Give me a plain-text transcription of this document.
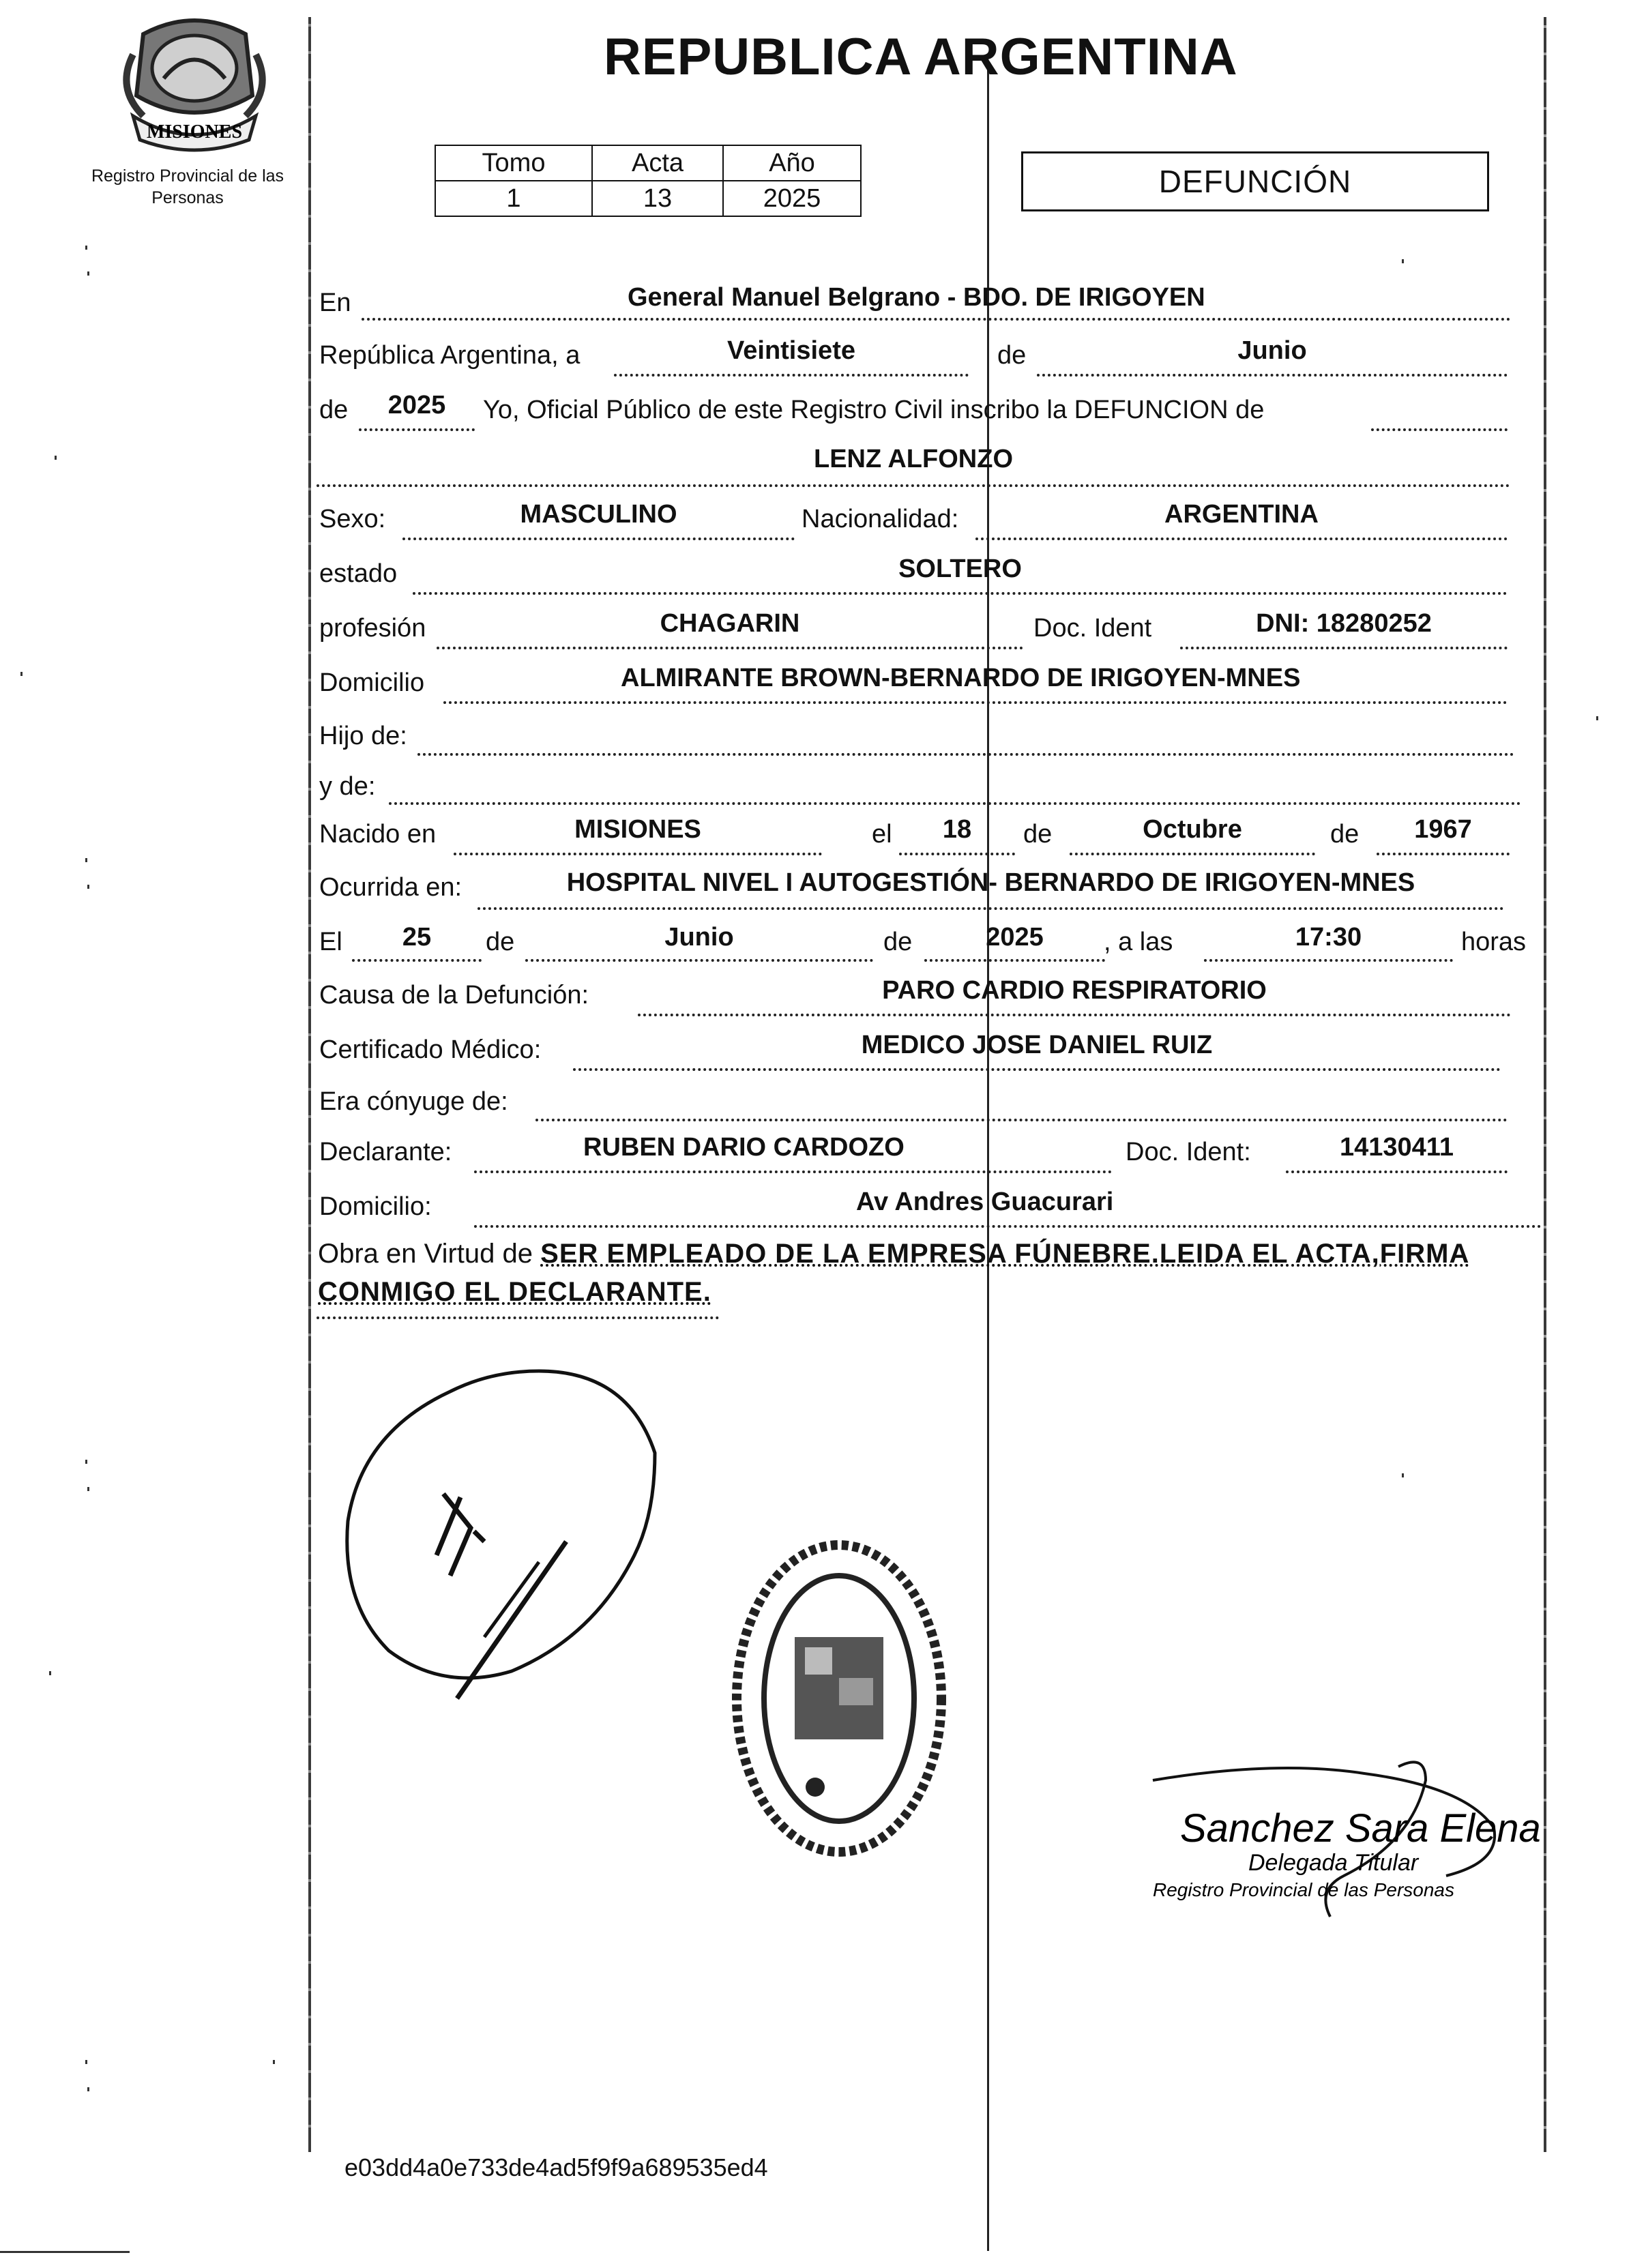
MISIONES
Registro Provincial de las Personas
REPUBLICA ARGENTINA
Tomo	Acta	Año
1	13	2025	DEFUNCIÓN
En	General Manuel Belgrano - BDO. DE IRIGOYEN
República Argentina, a	Veintisiete	de	Junio
de	2025	Yo, Oficial Público de este Registro Civil inscribo la DEFUNCION de
LENZ ALFONZO
Sexo:	MASCULINO	Nacionalidad:	ARGENTINA
estado	SOLTERO
profesión	CHAGARIN	Doc. Ident	DNI: 18280252
Domicilio	ALMIRANTE BROWN-BERNARDO DE IRIGOYEN-MNES
Hijo de:
y de:
Nacido en	MISIONES	el	18	de	Octubre	de	1967
Ocurrida en:	HOSPITAL NIVEL I AUTOGESTIÓN- BERNARDO DE IRIGOYEN-MNES
El	25	de	Junio	de	2025	, a las	17:30	horas
Causa de la Defunción:	PARO CARDIO RESPIRATORIO
Certificado Médico:	MEDICO JOSE DANIEL RUIZ
Era cónyuge de:
Declarante:	RUBEN DARIO CARDOZO	Doc. Ident:	14130411
Domicilio:	Av Andres Guacurari
Obra en Virtud de SER EMPLEADO DE LA EMPRESA FÚNEBRE.LEIDA EL ACTA,FIRMA CONMIGO EL DECLARANTE.
Sanchez Sara Elena
Delegada Titular
Registro Provincial de las Personas
e03dd4a0e733de4ad5f9f9a689535ed4
